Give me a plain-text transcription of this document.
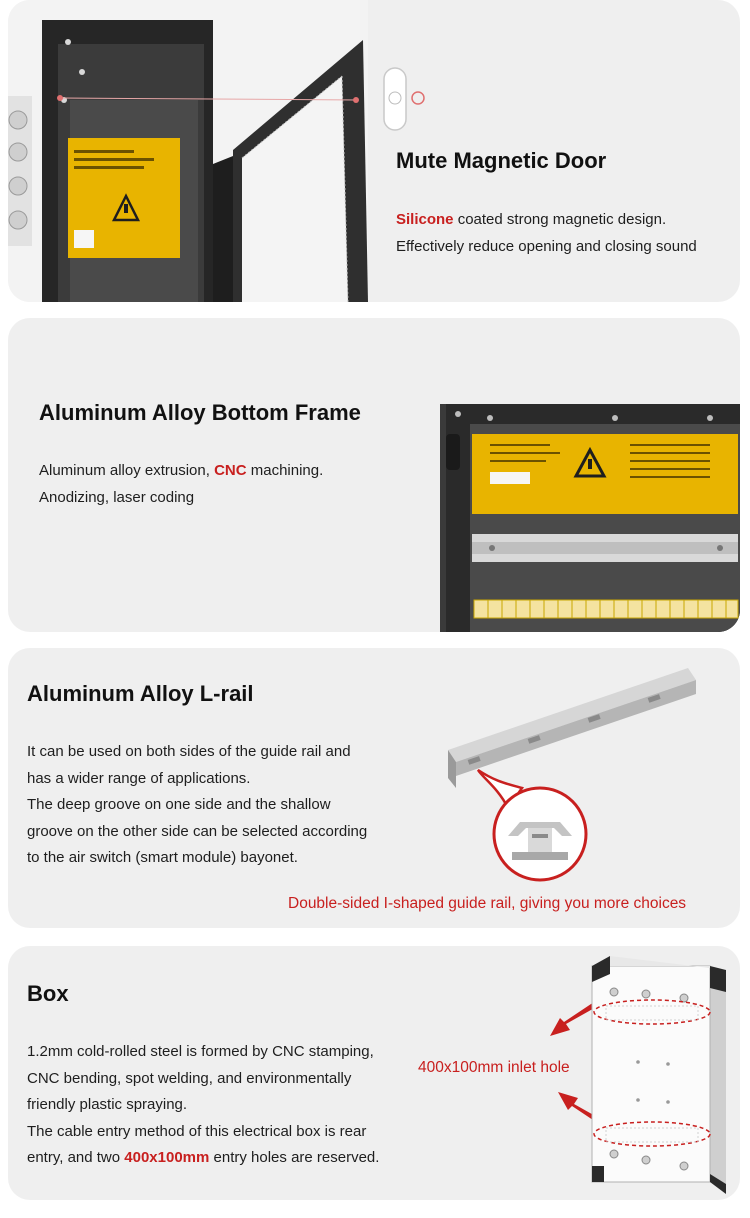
Mute Magnetic Door
Silicone coated strong magnetic design.
Effectively reduce opening and closing sound
Aluminum Alloy Bottom Frame
Aluminum alloy extrusion, CNC machining.
Anodizing, laser coding
Aluminum Alloy L-rail
It can be used on both sides of the guide rail and
has a wider range of applications.
The deep groove on one side and the shallow
groove on the other side can be selected according
to the air switch (smart module) bayonet.
Double-sided I-shaped guide rail, giving you more choices
Box
1.2mm cold-rolled steel is formed by CNC stamping,
CNC bending, spot welding, and environmentally
friendly plastic spraying.
The cable entry method of this electrical box is rear
entry, and two 400x100mm entry holes are reserved.
400x100mm inlet hole
